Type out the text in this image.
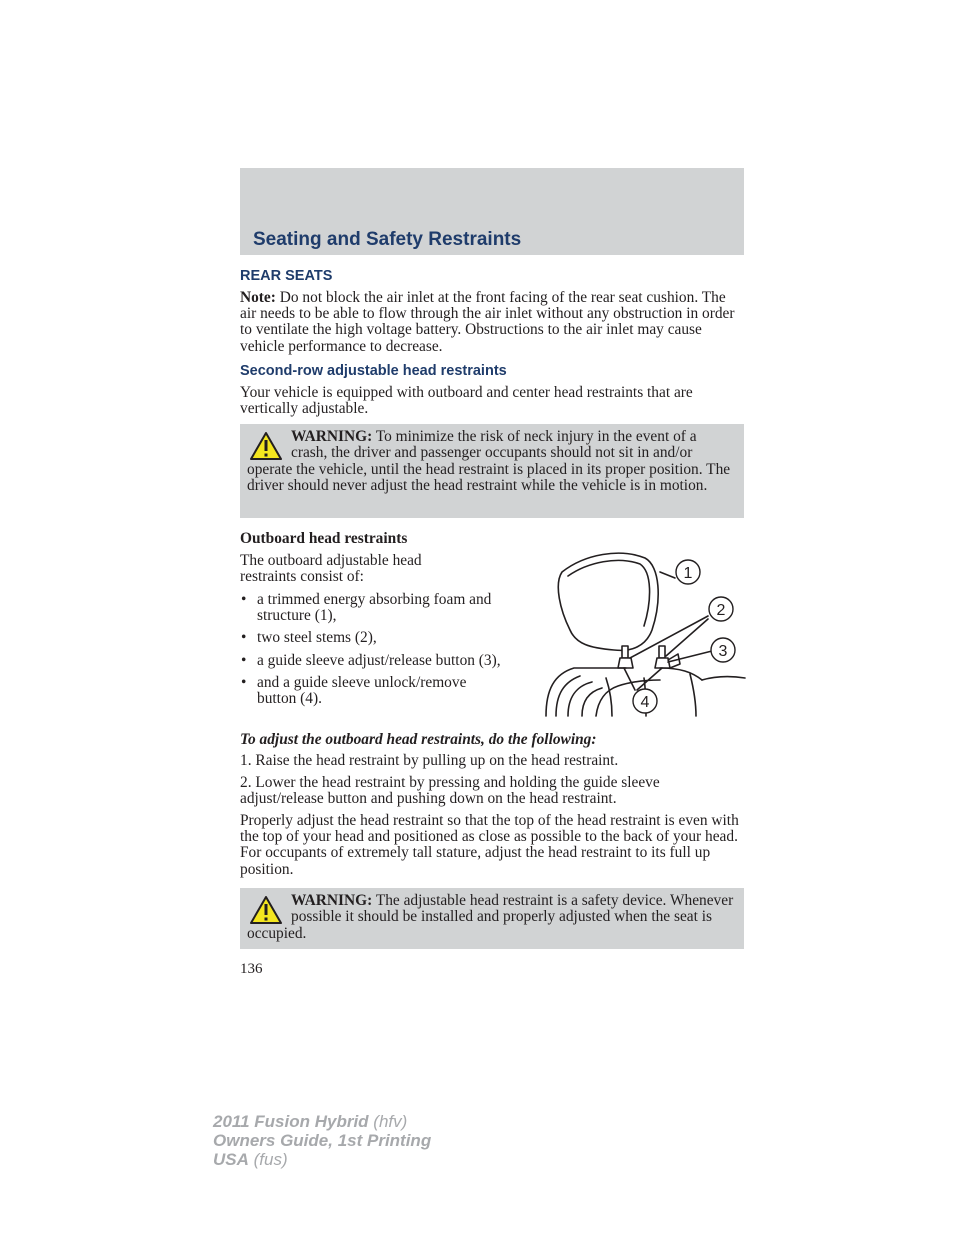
Seating and Safety Restraints
REAR SEATS
Note: Do not block the air inlet at the front facing of the rear seat cushion. The air needs to be able to flow through the air inlet without any obstruction in order to ventilate the high voltage battery. Obstructions to the air inlet may cause vehicle performance to decrease.
Second-row adjustable head restraints
Your vehicle is equipped with outboard and center head restraints that are vertically adjustable.
WARNING: To minimize the risk of neck injury in the event of a crash, the driver and passenger occupants should not sit in and/or operate the vehicle, until the head restraint is placed in its proper position. The driver should never adjust the head restraint while the vehicle is in motion.
Outboard head restraints
The outboard adjustable head restraints consist of:
• a trimmed energy absorbing foam and structure (1),
• two steel stems (2),
• a guide sleeve adjust/release button (3),
• and a guide sleeve unlock/remove button (4).
1
2
3
4
To adjust the outboard head restraints, do the following:
1. Raise the head restraint by pulling up on the head restraint.
2. Lower the head restraint by pressing and holding the guide sleeve adjust/release button and pushing down on the head restraint.
Properly adjust the head restraint so that the top of the head restraint is even with the top of your head and positioned as close as possible to the back of your head. For occupants of extremely tall stature, adjust the head restraint to its full up position.
WARNING: The adjustable head restraint is a safety device. Whenever possible it should be installed and properly adjusted when the seat is occupied.
136
2011 Fusion Hybrid (hfv)
Owners Guide, 1st Printing
USA (fus)
